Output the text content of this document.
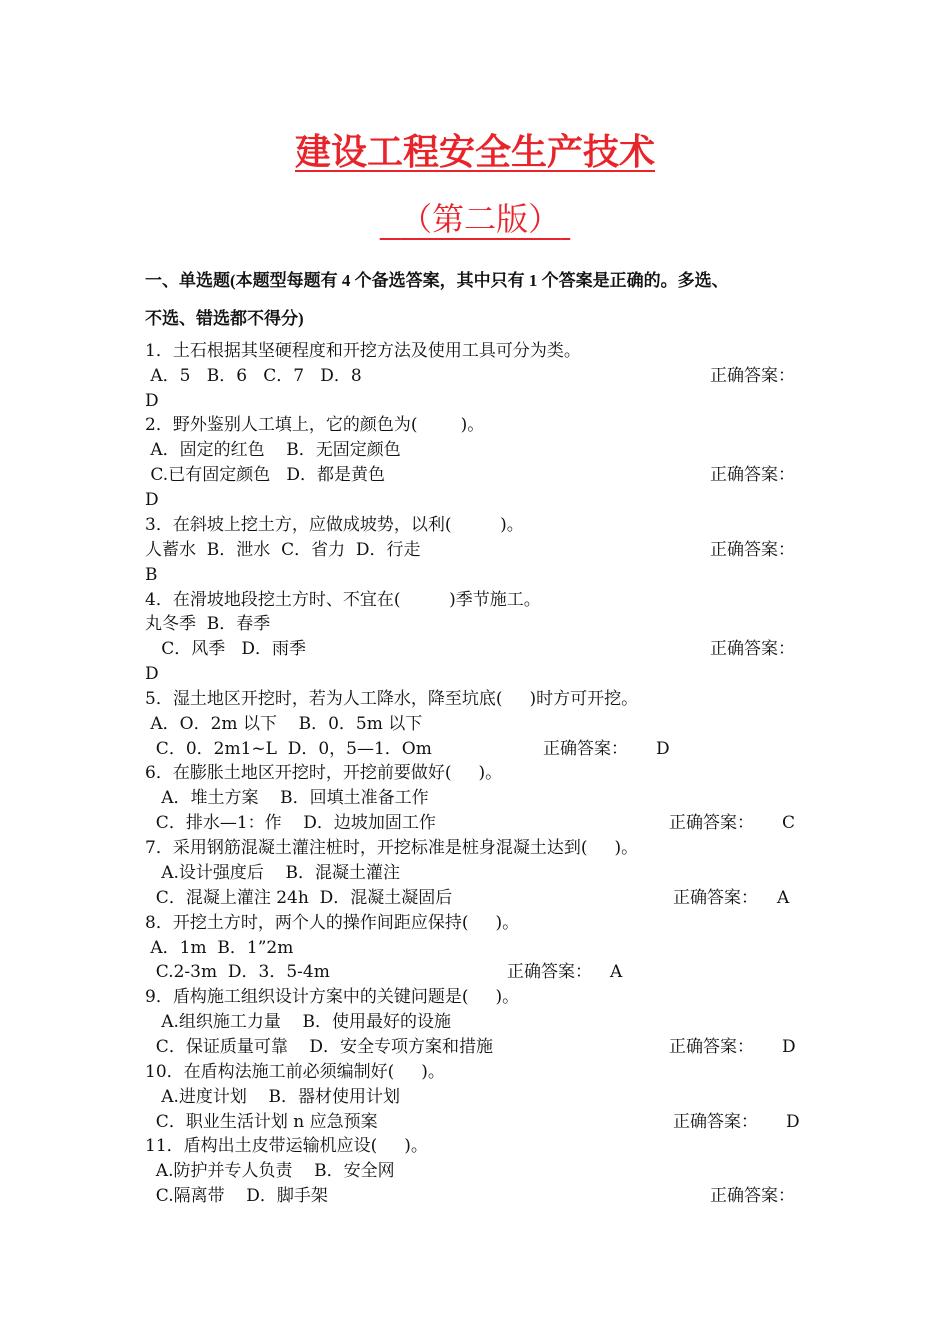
建设工程安全生产技术
（第二版）
一、单选题(本题型每题有 4 个备选答案，其中只有 1 个答案是正确的。多选、
不选、错选都不得分)
1．土石根据其坚硬程度和开挖方法及使用工具可分为类。
A．5   B．6   C．7   D．8	正确答案：
D
2．野外鉴别人工填上，它的颜色为(        )。
A．固定的红色    B．无固定颜色
C.已有固定颜色   D．都是黄色	正确答案：
D
3．在斜坡上挖土方，应做成坡势，以利(         )。
人蓄水  B．泄水  C．省力  D．行走	正确答案：
B
4．在滑坡地段挖土方时、不宜在(         )季节施工。
丸冬季  B．春季
C．风季   D．雨季	正确答案：
D
5．湿土地区开挖时，若为人工降水，降至坑底(     )时方可开挖。
A．O．2m 以下    B．0．5m 以下
C．0．2m1~L  D．0，5—1．Om	正确答案： D
6．在膨胀土地区开挖时，开挖前要做好(     )。
A．堆土方案    B．回填土准备工作
C．排水—1：作    D．边坡加固工作	正确答案： C
7．采用钢筋混凝土灌注桩时，开挖标准是桩身混凝土达到(     )。
A.设计强度后    B．混凝土灌注
C．混凝上灌注 24h  D．混凝土凝固后	正确答案： A
8．开挖土方时，两个人的操作间距应保持(     )。
A．1m  B．1”2m
C.2-3m  D．3．5-4m	正确答案： A
9．盾构施工组织设计方案中的关键问题是(     )。
A.组织施工力量    B．使用最好的设施
C．保证质量可靠    D．安全专项方案和措施	正确答案： D
10．在盾构法施工前必须编制好(     )。
A.进度计划    B．器材使用计划
C．职业生活计划 n 应急预案	正确答案： D
11．盾构出土皮带运输机应设(     )。
A.防护并专人负责    B．安全网
C.隔离带    D．脚手架	正确答案：
